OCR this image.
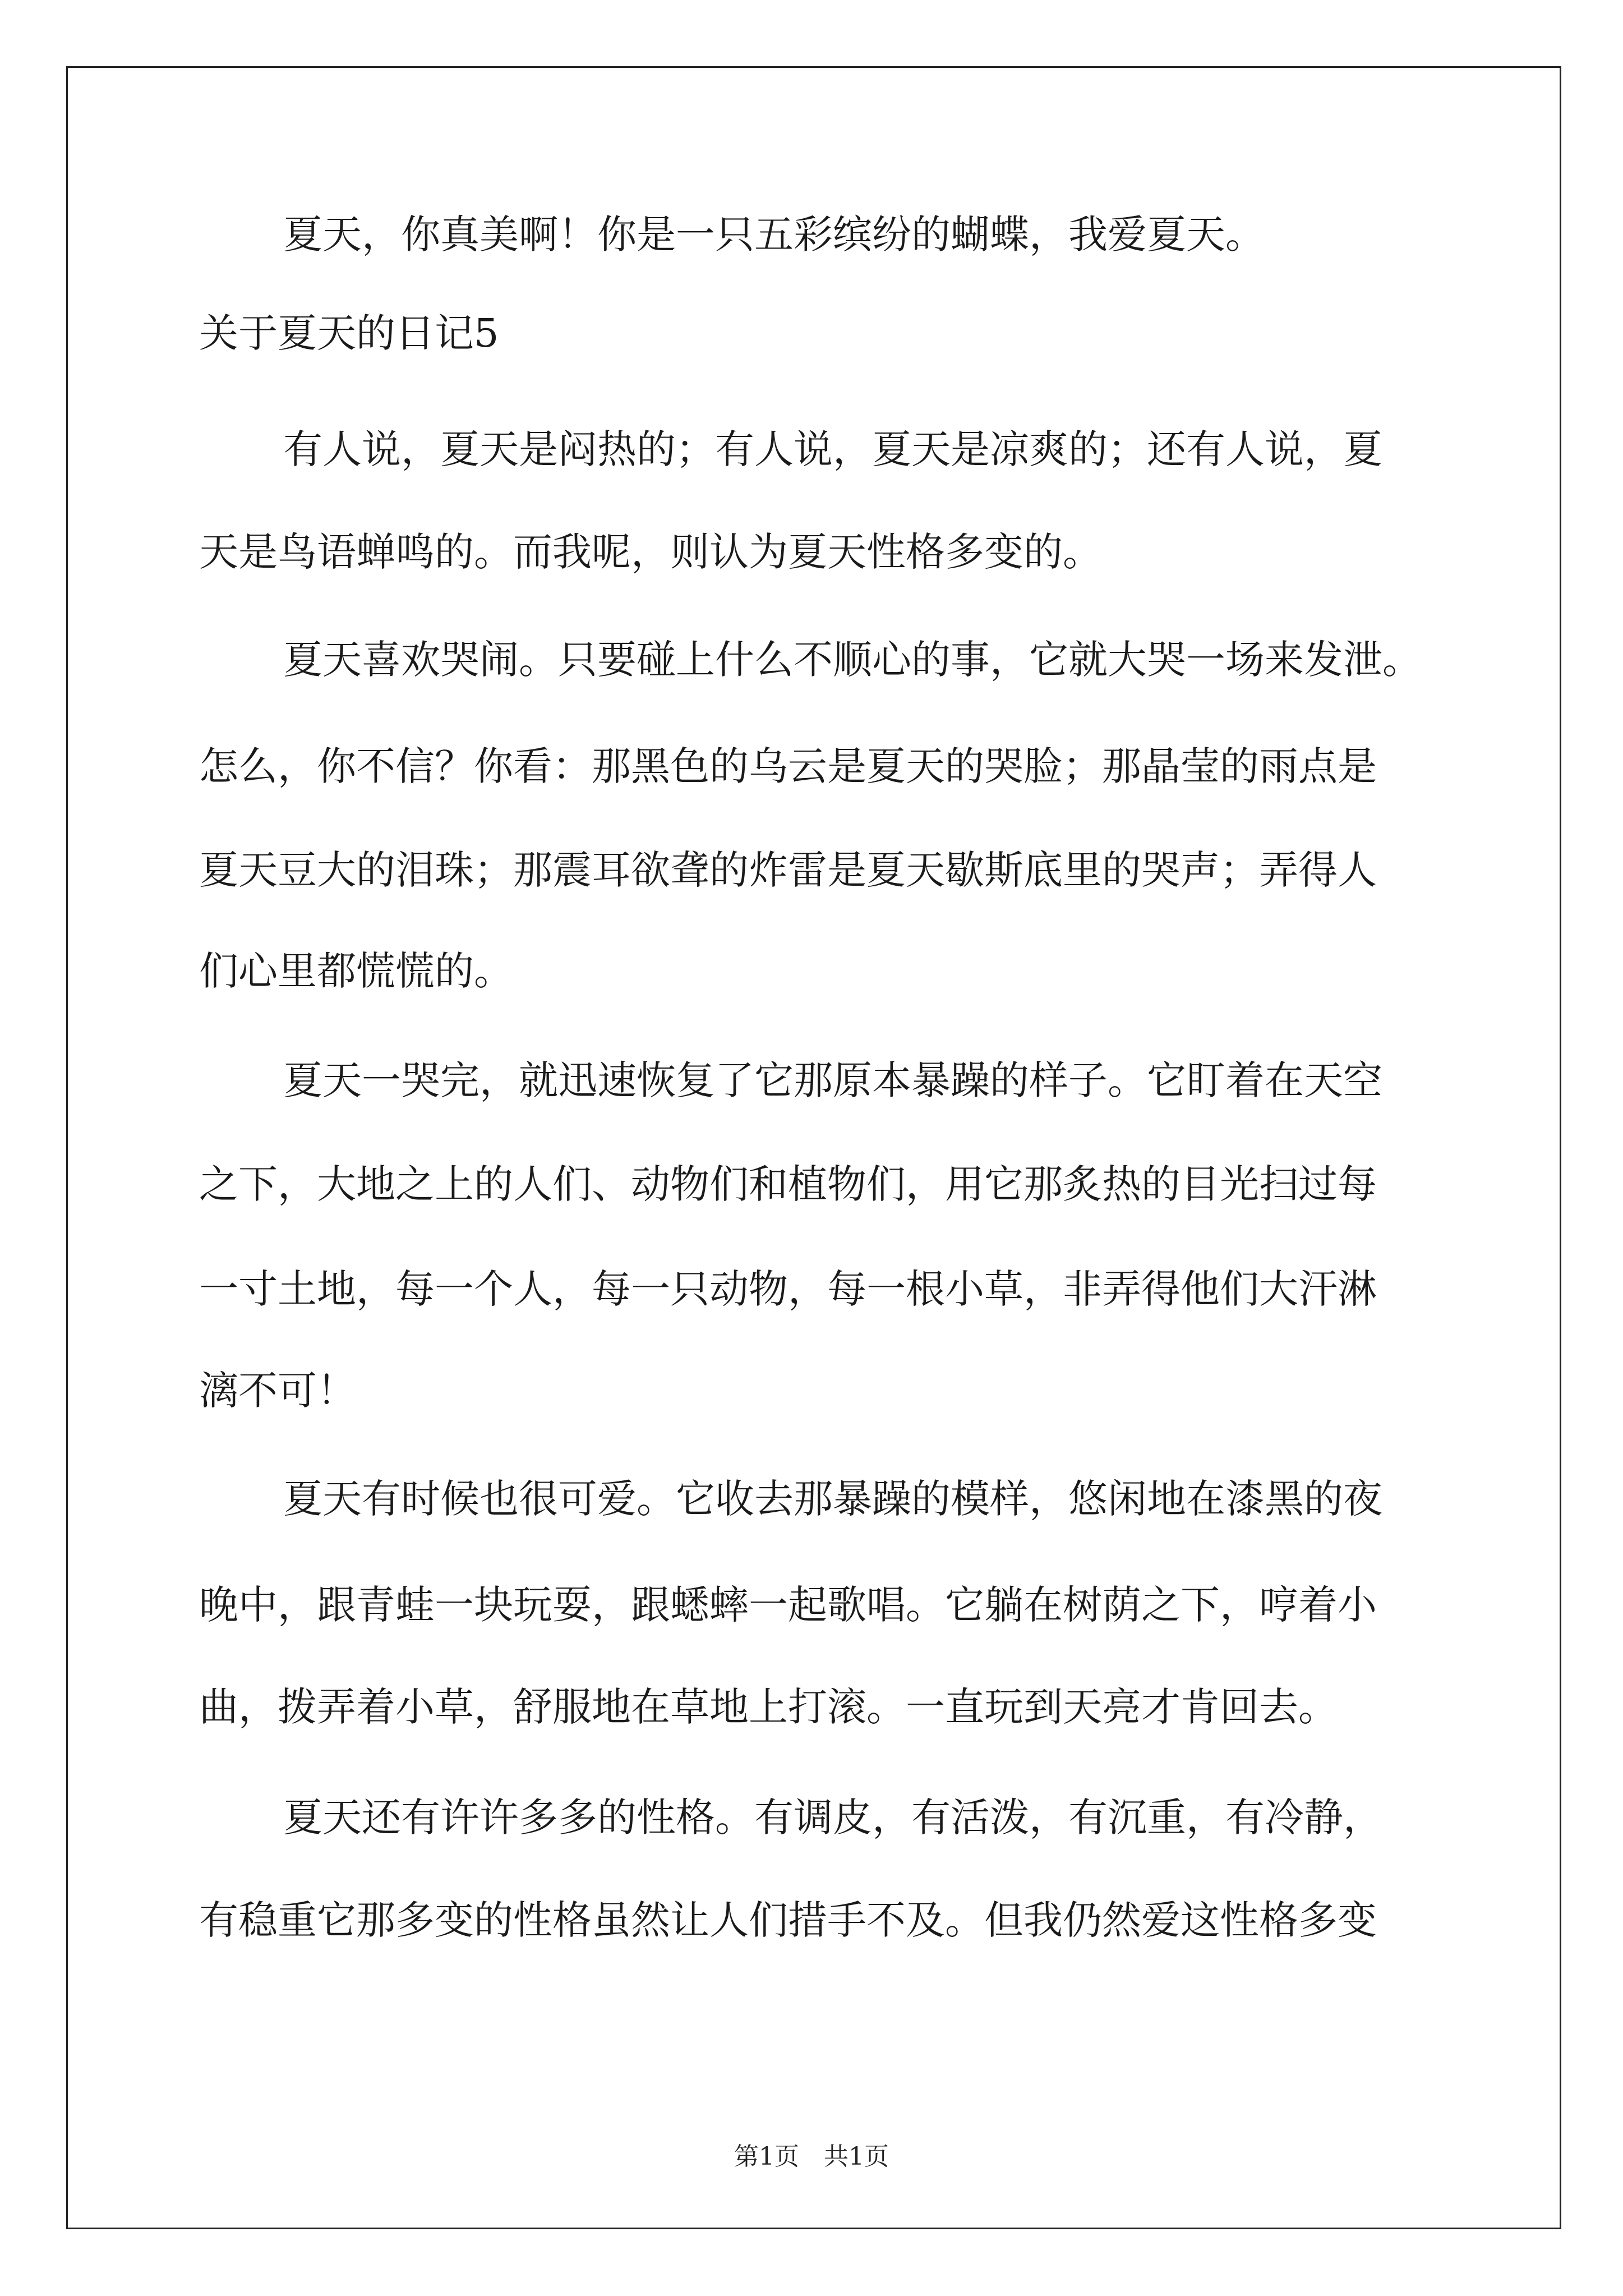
夏天，你真美啊！你是一只五彩缤纷的蝴蝶，我爱夏天。
关于夏天的日记5
有人说，夏天是闷热的；有人说，夏天是凉爽的；还有人说，夏
天是鸟语蝉鸣的。而我呢，则认为夏天性格多变的。
夏天喜欢哭闹。只要碰上什么不顺心的事，它就大哭一场来发泄。
怎么，你不信？你看：那黑色的乌云是夏天的哭脸；那晶莹的雨点是
夏天豆大的泪珠；那震耳欲聋的炸雷是夏天歇斯底里的哭声；弄得人
们心里都慌慌的。
夏天一哭完，就迅速恢复了它那原本暴躁的样子。它盯着在天空
之下，大地之上的人们、动物们和植物们，用它那炙热的目光扫过每
一寸土地，每一个人，每一只动物，每一根小草，非弄得他们大汗淋
漓不可！
夏天有时候也很可爱。它收去那暴躁的模样，悠闲地在漆黑的夜
晚中，跟青蛙一块玩耍，跟蟋蟀一起歌唱。它躺在树荫之下，哼着小
曲，拨弄着小草，舒服地在草地上打滚。一直玩到天亮才肯回去。
夏天还有许许多多的性格。有调皮，有活泼，有沉重，有冷静，
有稳重它那多变的性格虽然让人们措手不及。但我仍然爱这性格多变
第1页　共1页
